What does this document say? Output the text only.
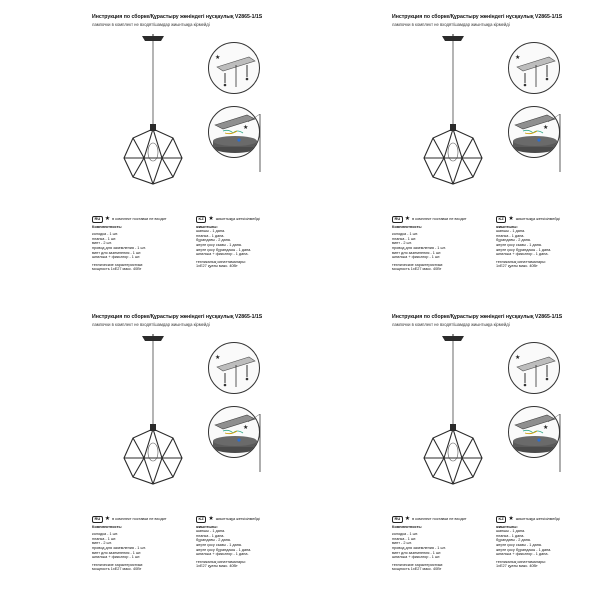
Инструкция по сборке/Құрастыру жөніндегі нұсқаулық V2865-1/1S
лампочки в комплект не входят/шамдар жиынтыққа кірмейді
★
★
RU ★ в комплект поставки не входит
Комплектность:
колодка - 1 шт.
планка - 1 шт.
винт - 2 шт.
провод для заземления - 1 шт.
винт для заземления - 1 шт.
шпилька + фиксатор - 1 шт.
технические характеристики:
мощность 1xE27 макс. 40Вт
KZ ★ жиынтыққа жеткізілмейді
жиынтығы:
шапшы - 1 дана.
планка - 1 дана.
бұрандағы - 2 дана.
жерге қосу сымы - 1 дана.
жерге қосу бұрандасы - 1 дана.
шпилька + фиксатор - 1 дана.
техникалық сипаттамалары:
1xE27 қуаты макс. 40Вт
Инструкция по сборке/Құрастыру жөніндегі нұсқаулық V2865-1/1S
лампочки в комплект не входят/шамдар жиынтыққа кірмейді
★
★
RU ★ в комплект поставки не входит
Комплектность:
колодка - 1 шт.
планка - 1 шт.
винт - 2 шт.
провод для заземления - 1 шт.
винт для заземления - 1 шт.
шпилька + фиксатор - 1 шт.
технические характеристики:
мощность 1xE27 макс. 40Вт
KZ ★ жиынтыққа жеткізілмейді
жиынтығы:
шапшы - 1 дана.
планка - 1 дана.
бұрандағы - 2 дана.
жерге қосу сымы - 1 дана.
жерге қосу бұрандасы - 1 дана.
шпилька + фиксатор - 1 дана.
техникалық сипаттамалары:
1xE27 қуаты макс. 40Вт
Инструкция по сборке/Құрастыру жөніндегі нұсқаулық V2865-1/1S
лампочки в комплект не входят/шамдар жиынтыққа кірмейді
★
★
RU ★ в комплект поставки не входит
Комплектность:
колодка - 1 шт.
планка - 1 шт.
винт - 2 шт.
провод для заземления - 1 шт.
винт для заземления - 1 шт.
шпилька + фиксатор - 1 шт.
технические характеристики:
мощность 1xE27 макс. 40Вт
KZ ★ жиынтыққа жеткізілмейді
жиынтығы:
шапшы - 1 дана.
планка - 1 дана.
бұрандағы - 2 дана.
жерге қосу сымы - 1 дана.
жерге қосу бұрандасы - 1 дана.
шпилька + фиксатор - 1 дана.
техникалық сипаттамалары:
1xE27 қуаты макс. 40Вт
Инструкция по сборке/Құрастыру жөніндегі нұсқаулық V2865-1/1S
лампочки в комплект не входят/шамдар жиынтыққа кірмейді
★
★
RU ★ в комплект поставки не входит
Комплектность:
колодка - 1 шт.
планка - 1 шт.
винт - 2 шт.
провод для заземления - 1 шт.
винт для заземления - 1 шт.
шпилька + фиксатор - 1 шт.
технические характеристики:
мощность 1xE27 макс. 40Вт
KZ ★ жиынтыққа жеткізілмейді
жиынтығы:
шапшы - 1 дана.
планка - 1 дана.
бұрандағы - 2 дана.
жерге қосу сымы - 1 дана.
жерге қосу бұрандасы - 1 дана.
шпилька + фиксатор - 1 дана.
техникалық сипаттамалары:
1xE27 қуаты макс. 40Вт
